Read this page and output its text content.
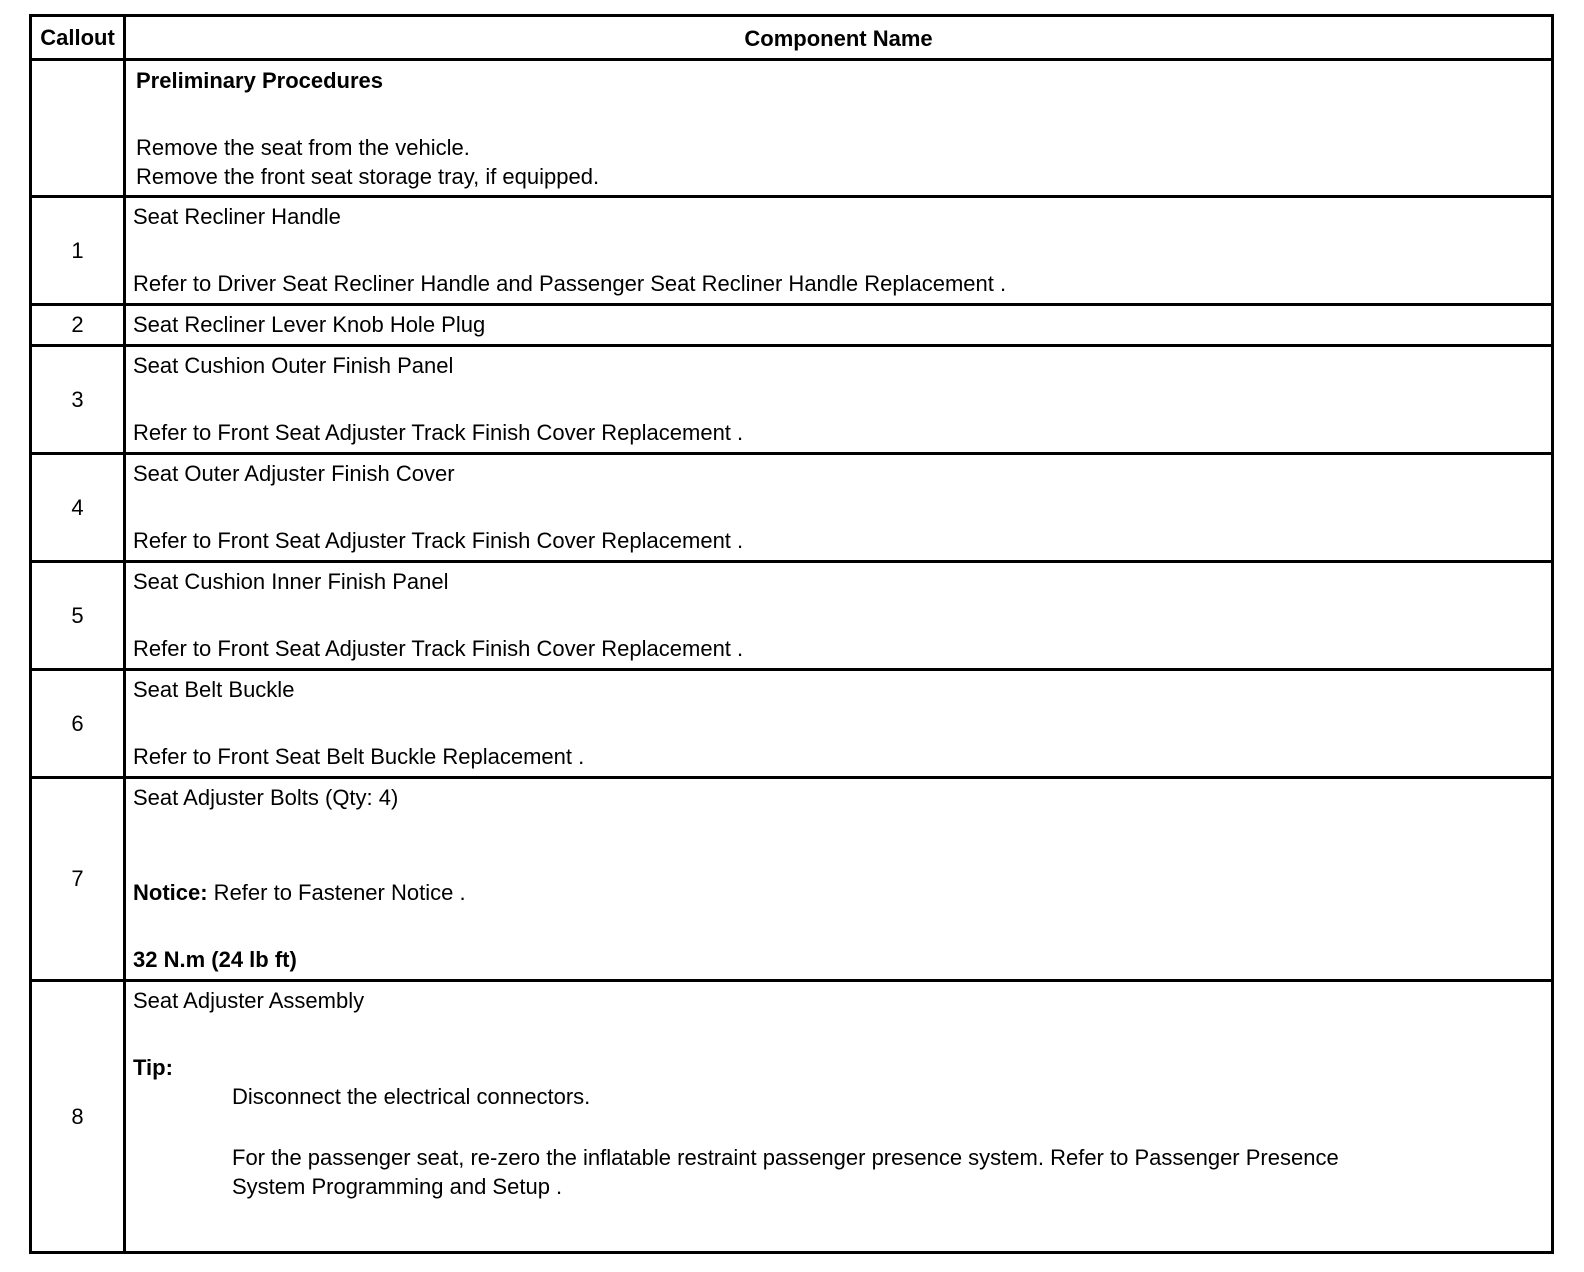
Callout	Component Name
Preliminary Procedures
Remove the seat from the vehicle.
Remove the front seat storage tray, if equipped.
1
Seat Recliner Handle
Refer to Driver Seat Recliner Handle and Passenger Seat Recliner Handle Replacement .
2	Seat Recliner Lever Knob Hole Plug
3
Seat Cushion Outer Finish Panel
Refer to Front Seat Adjuster Track Finish Cover Replacement .
4
Seat Outer Adjuster Finish Cover
Refer to Front Seat Adjuster Track Finish Cover Replacement .
5
Seat Cushion Inner Finish Panel
Refer to Front Seat Adjuster Track Finish Cover Replacement .
6
Seat Belt Buckle
Refer to Front Seat Belt Buckle Replacement .
7
Seat Adjuster Bolts (Qty: 4)
Notice: Refer to Fastener Notice .
32 N.m (24 lb ft)
8
Seat Adjuster Assembly
Tip:
Disconnect the electrical connectors.
For the passenger seat, re-zero the inflatable restraint passenger presence system. Refer to Passenger Presence
System Programming and Setup .
